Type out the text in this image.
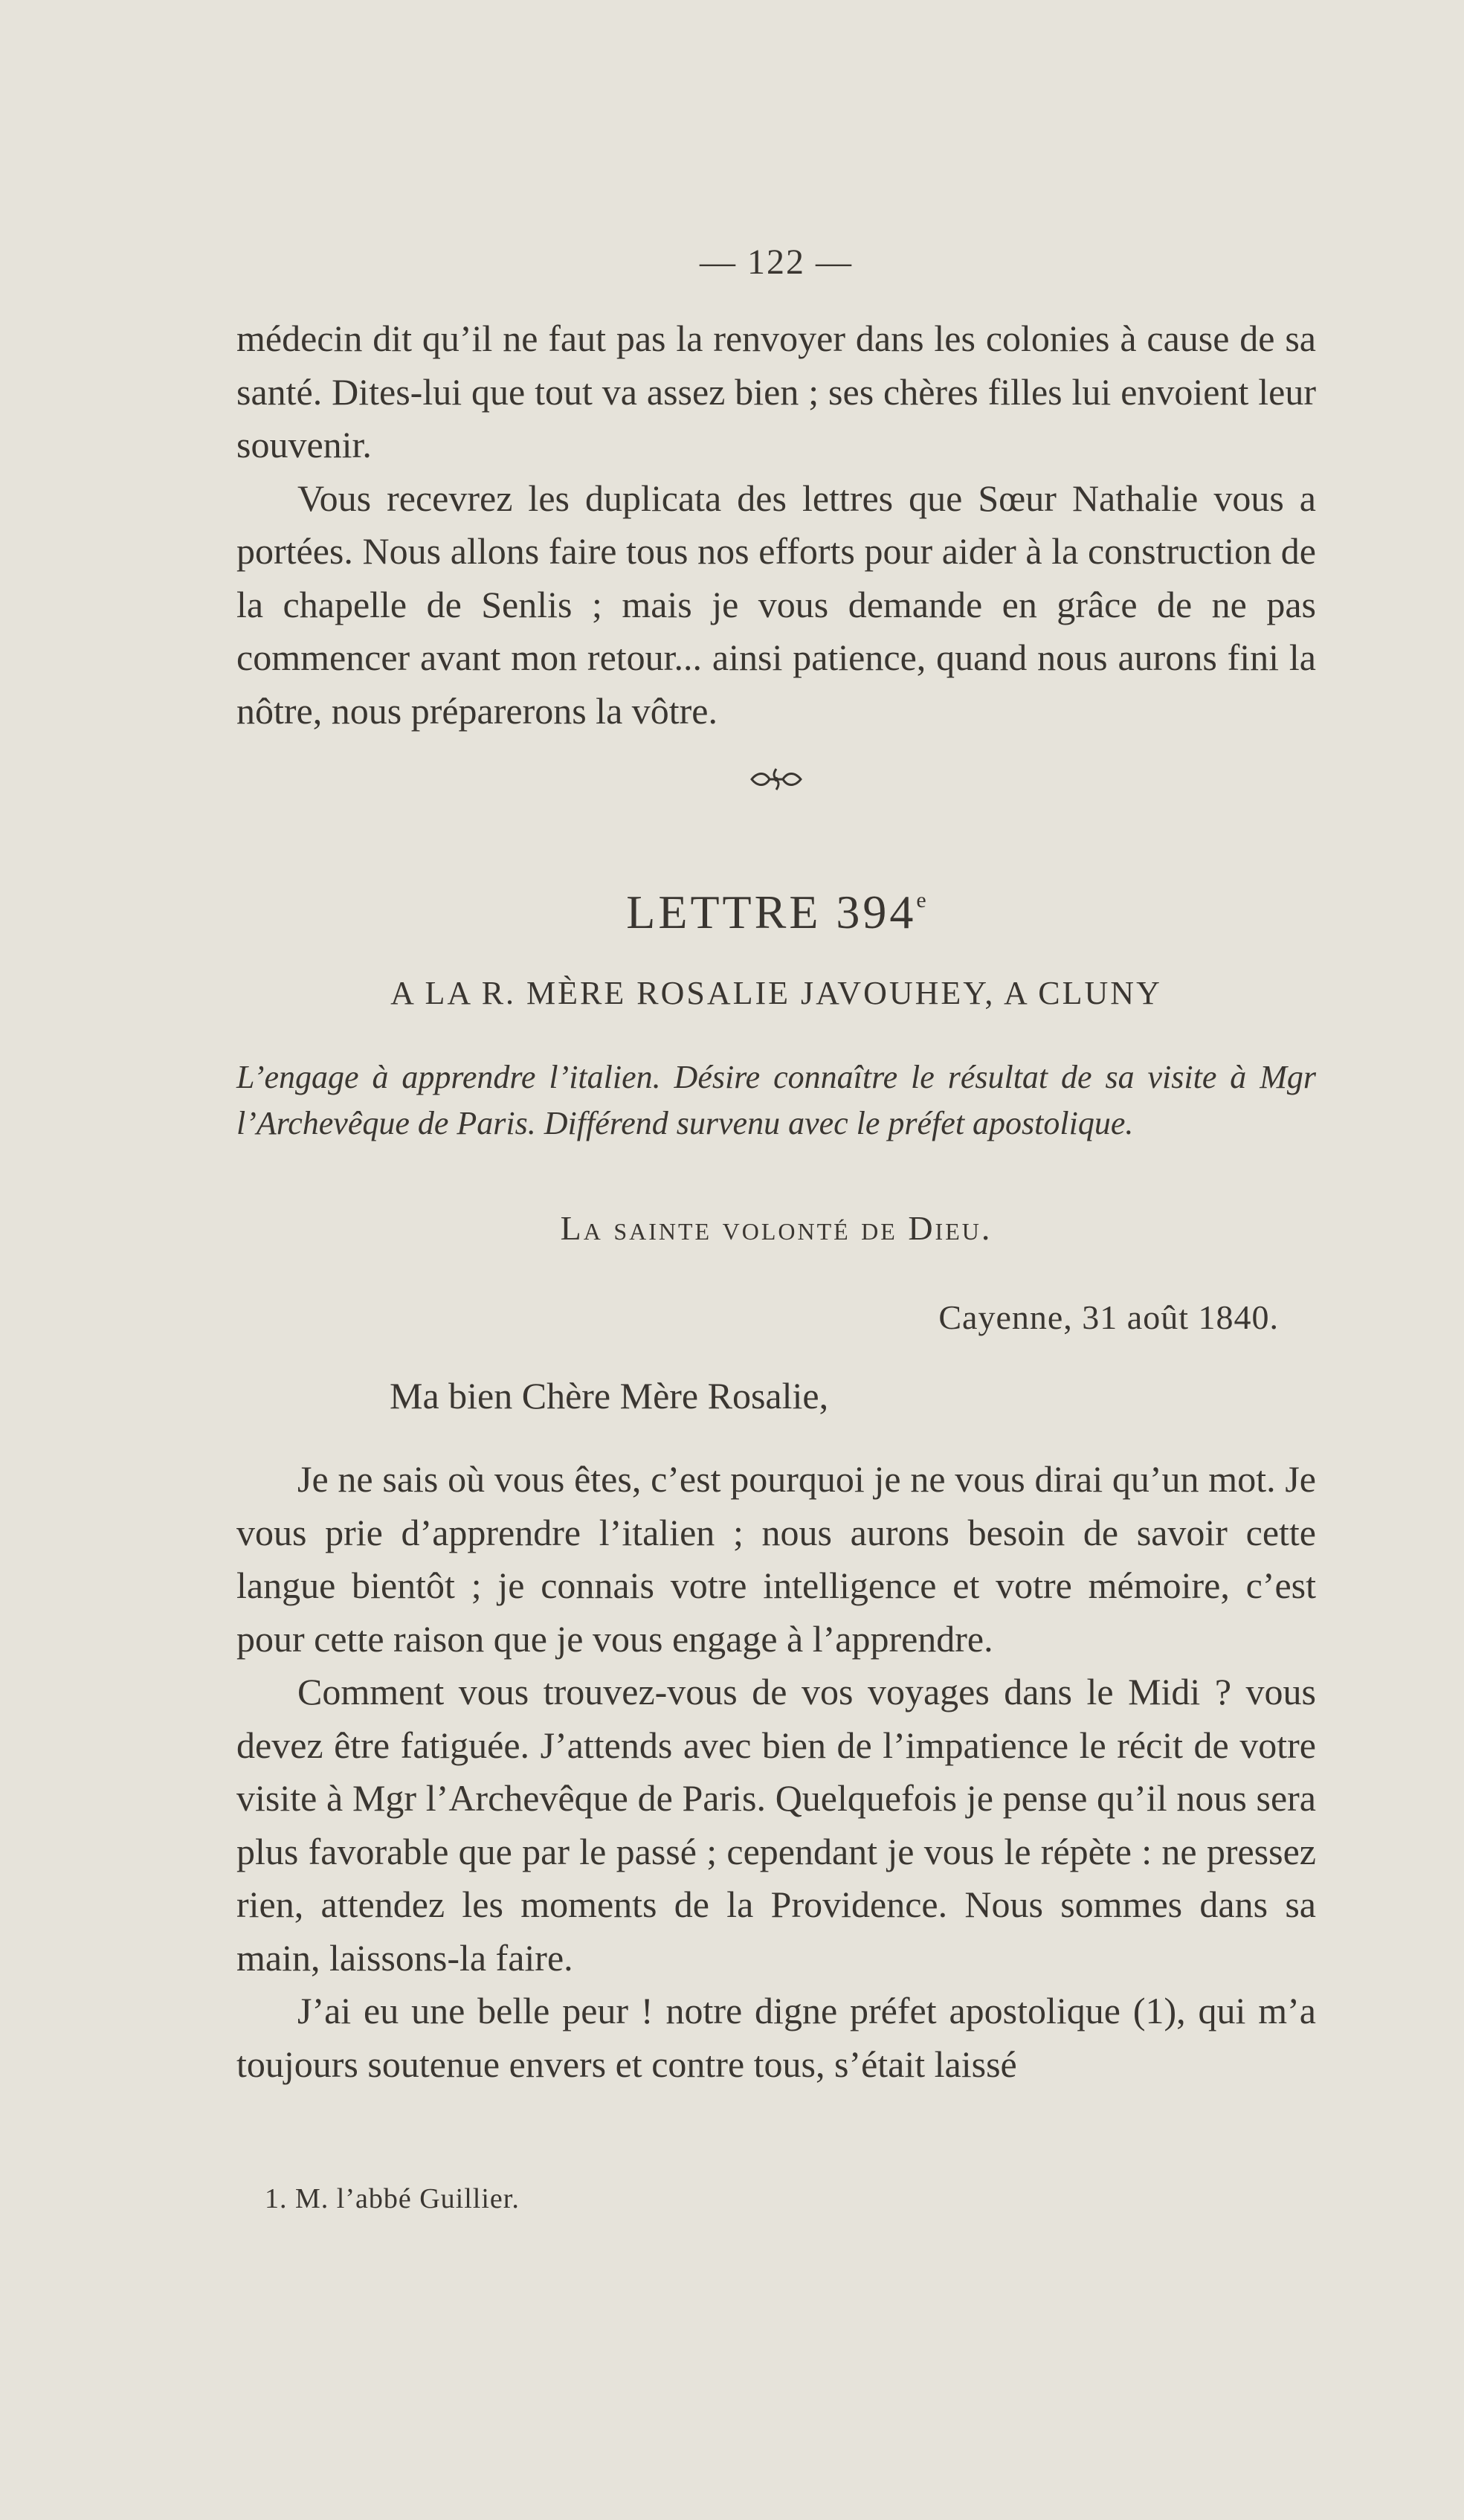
— 122 —

médecin dit qu’il ne faut pas la renvoyer dans les colonies à cause de sa santé. Dites-lui que tout va assez bien ; ses chères filles lui envoient leur souvenir.

Vous recevrez les duplicata des lettres que Sœur Nathalie vous a portées. Nous allons faire tous nos efforts pour aider à la construction de la chapelle de Senlis ; mais je vous demande en grâce de ne pas commencer avant mon retour... ainsi patience, quand nous aurons fini la nôtre, nous préparerons la vôtre.

LETTRE 394e
A LA R. MÈRE ROSALIE JAVOUHEY, A CLUNY

L’engage à apprendre l’italien. Désire connaître le résultat de sa visite à Mgr l’Archevêque de Paris. Différend survenu avec le préfet apostolique.

La sainte volonté de Dieu.
Cayenne, 31 août 1840.
Ma bien Chère Mère Rosalie,

Je ne sais où vous êtes, c’est pourquoi je ne vous dirai qu’un mot. Je vous prie d’apprendre l’italien ; nous aurons besoin de savoir cette langue bientôt ; je connais votre intelligence et votre mémoire, c’est pour cette raison que je vous engage à l’apprendre.

Comment vous trouvez-vous de vos voyages dans le Midi ? vous devez être fatiguée. J’attends avec bien de l’impatience le récit de votre visite à Mgr l’Archevêque de Paris. Quelquefois je pense qu’il nous sera plus favorable que par le passé ; cependant je vous le répète : ne pressez rien, attendez les moments de la Providence. Nous sommes dans sa main, laissons-la faire.

J’ai eu une belle peur ! notre digne préfet apostolique (1), qui m’a toujours soutenue envers et contre tous, s’était laissé

1. M. l’abbé Guillier.
